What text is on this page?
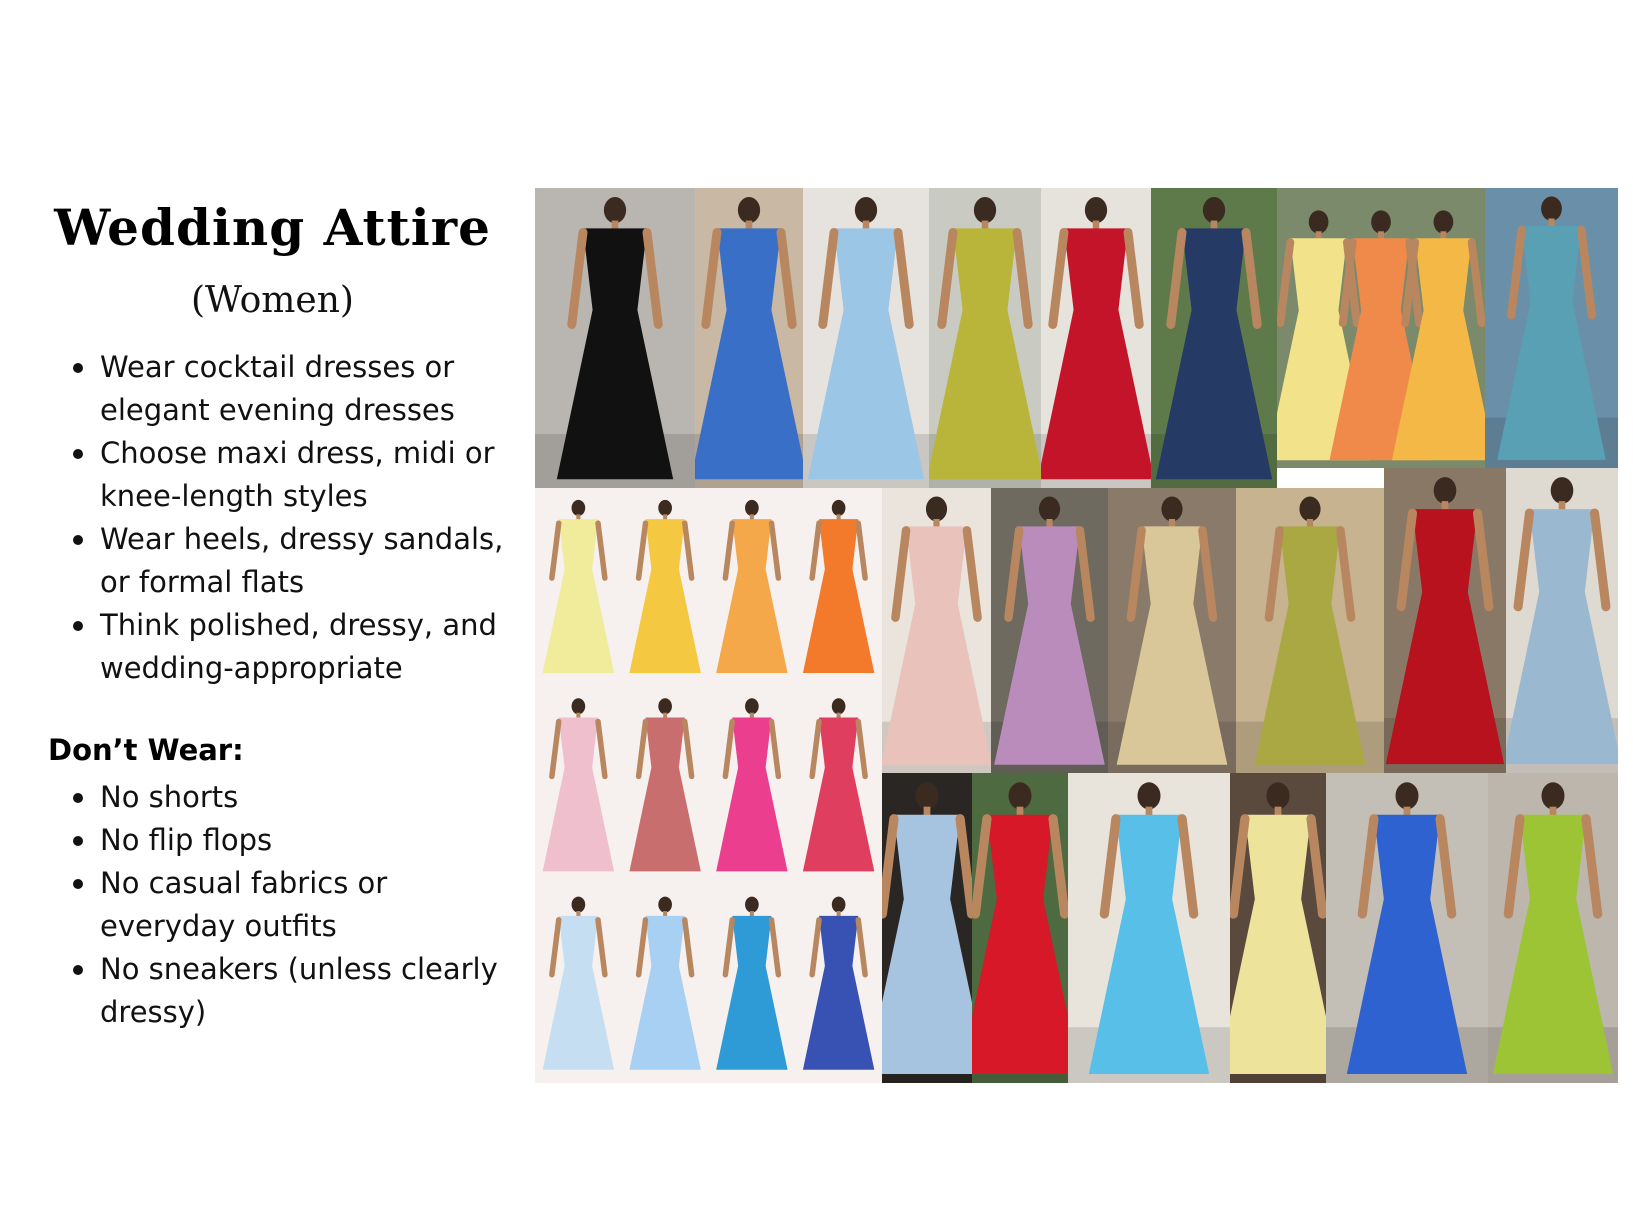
Wedding Attire
(Women)
Wear cocktail dresses or elegant evening dresses
Choose maxi dress, midi or knee-length styles
Wear heels, dressy sandals, or formal flats
Think polished, dressy, and wedding-appropriate
Don’t Wear:
No shorts
No flip flops
No casual fabrics or everyday outfits
No sneakers (unless clearly dressy)
